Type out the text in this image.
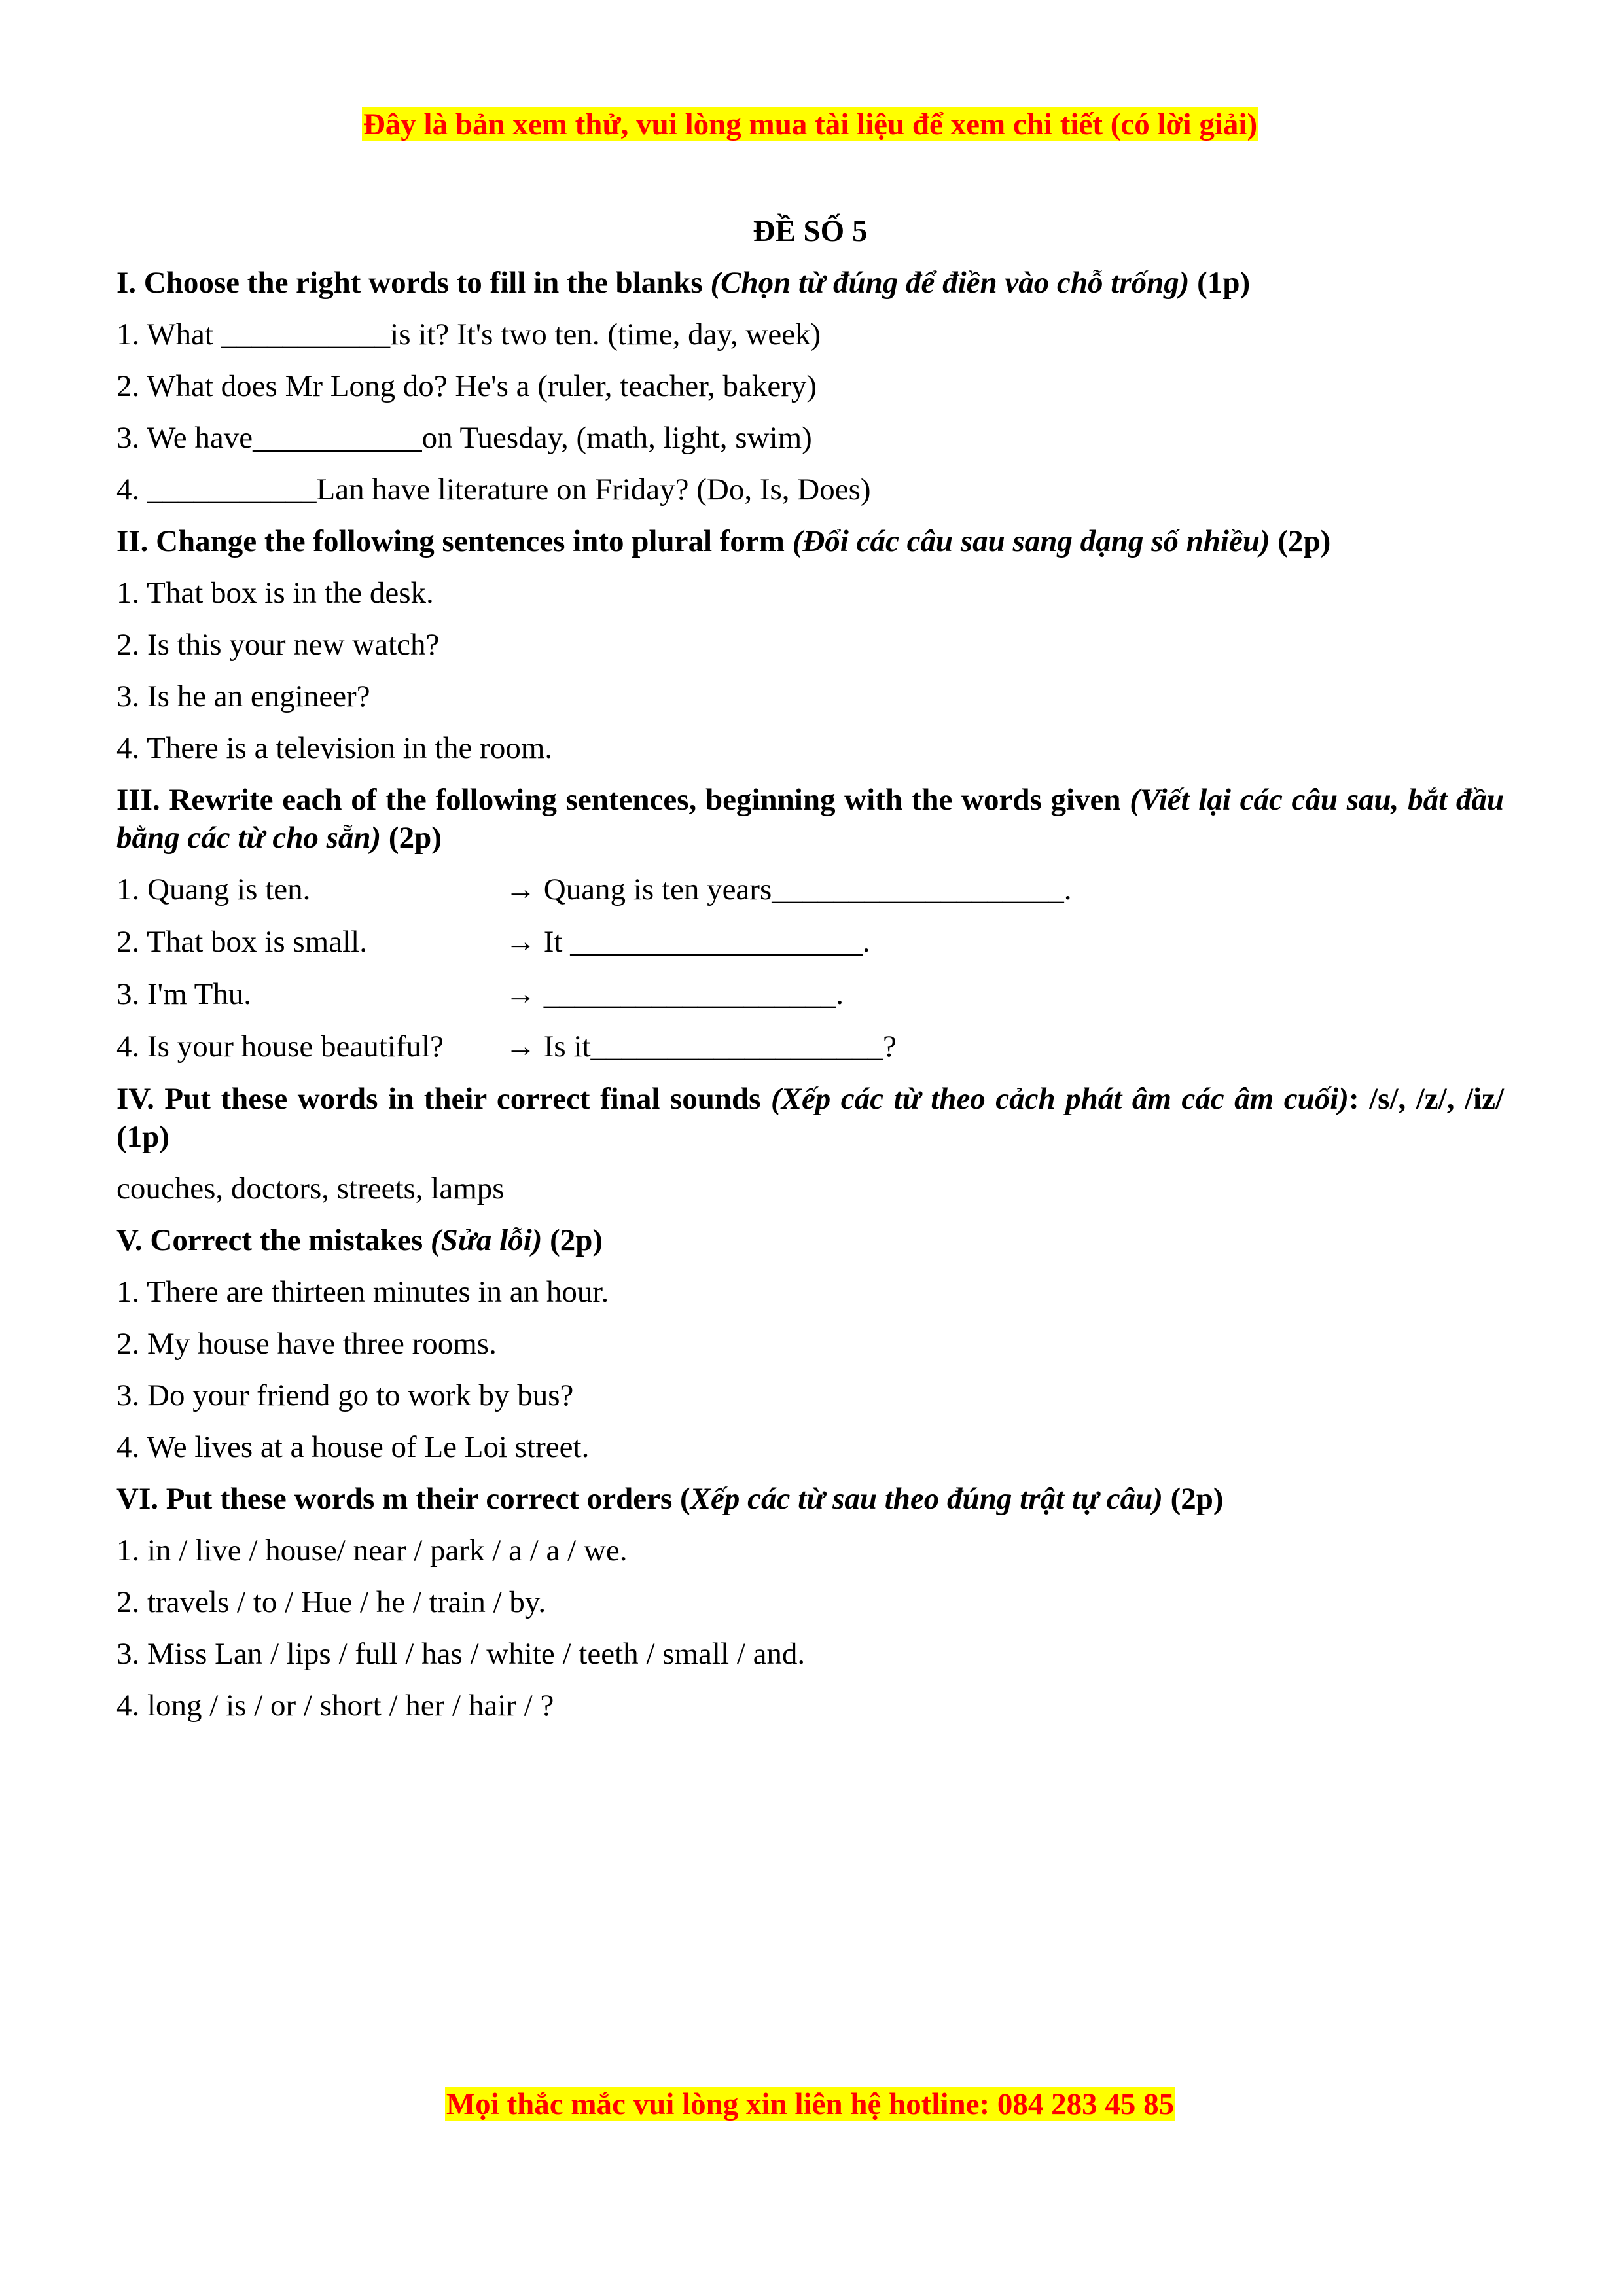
Đây là bản xem thử, vui lòng mua tài liệu để xem chi tiết (có lời giải)
ĐỀ SỐ 5
I. Choose the right words to fill in the blanks (Chọn từ đúng để điền vào chỗ trống) (1p)
1. What ___________is it? It's two ten. (time, day, week)
2. What does Mr Long do? He's a (ruler, teacher, bakery)
3. We have___________on Tuesday, (math, light, swim)
4. ___________Lan have literature on Friday? (Do, Is, Does)
II. Change the following sentences into plural form (Đổi các câu sau sang dạng số nhiều) (2p)
1. That box is in the desk.
2. Is this your new watch?
3. Is he an engineer?
4. There is a television in the room.
III. Rewrite each of the following sentences, beginning with the words given (Viết lại các câu sau, bắt đầu bằng các từ cho sẵn) (2p)
1. Quang is ten.	→ Quang is ten years___________________.
2. That box is small.	→ It ___________________.
3. I'm Thu.	→ ___________________.
4. Is your house beautiful? → Is it___________________?
IV. Put these words in their correct final sounds (Xếp các từ theo cảch phát âm các âm cuối): /s/, /z/, /iz/ (1p)
couches, doctors, streets, lamps
V. Correct the mistakes (Sửa lỗi) (2p)
1. There are thirteen minutes in an hour.
2. My house have three rooms.
3. Do your friend go to work by bus?
4. We lives at a house of Le Loi street.
VI. Put these words m their correct orders (Xếp các từ sau theo đúng trật tự câu) (2p)
1. in / live / house/ near / park / a / a / we.
2. travels / to / Hue / he / train / by.
3. Miss Lan / lips / full / has / white / teeth / small / and.
4. long / is / or / short / her / hair / ?
Mọi thắc mắc vui lòng xin liên hệ hotline: 084 283 45 85
